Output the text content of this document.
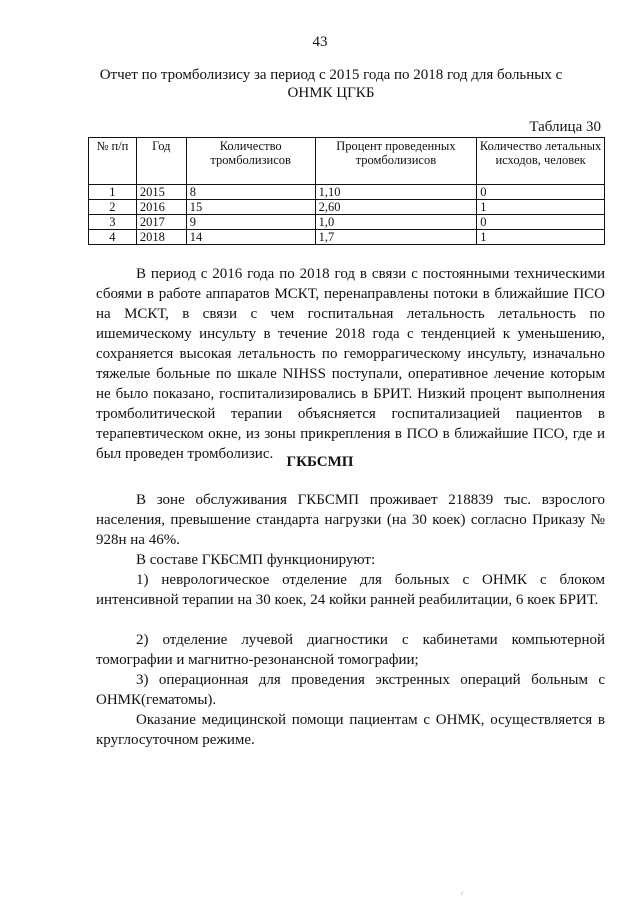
43
Отчет по тромболизису за период с 2015 года по 2018 год для больных с ОНМК ЦГКБ
Таблица 30
№ п/п	Год	Количество тромболизисов	Процент проведенных тромболизисов	Количество летальных исходов, человек
1	2015	8	1,10	0
2	2016	15	2,60	1
3	2017	9	1,0	0
4	2018	14	1,7	1
В период с 2016 года по 2018 год в связи с постоянными техническими сбоями в работе аппаратов МСКТ, перенаправлены потоки в ближайшие ПСО на МСКТ, в связи с чем госпитальная летальность летальность по ишемическому инсульту в течение 2018 года с тенденцией к уменьшению, сохраняется высокая летальность по геморрагическому инсульту, изначально тяжелые больные по шкале NIHSS поступали, оперативное лечение которым не было показано, госпитализировались в БРИТ. Низкий процент выполнения тромболитической терапии объясняется госпитализацией пациентов в терапевтическом окне, из зоны прикрепления в ПСО в ближайшие ПСО, где и был проведен тромболизис. ГКБСМП
В зоне обслуживания ГКБСМП проживает 218839 тыс. взрослого населения, превышение стандарта нагрузки (на 30 коек) согласно Приказу № 928н на 46%.
В составе ГКБСМП функционируют:
1) неврологическое отделение для больных с ОНМК с блоком интенсивной терапии на 30 коек, 24 койки ранней реабилитации, 6 коек БРИТ.
2) отделение лучевой диагностики с кабинетами компьютерной томографии и магнитно-резонансной томографии;
3) операционная для проведения экстренных операций больным с ОНМК(гематомы).
Оказание медицинской помощи пациентам с ОНМК, осуществляется в круглосуточном режиме.
·̇
